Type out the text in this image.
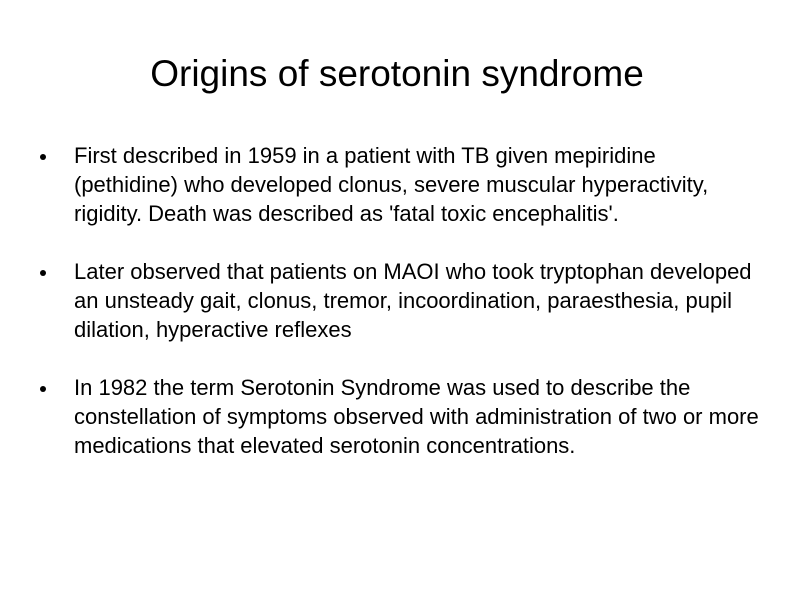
Origins of serotonin syndrome
First described in 1959 in a patient with TB given mepiridine (pethidine) who developed clonus, severe muscular hyperactivity, rigidity. Death was described as 'fatal toxic encephalitis'.
Later observed that patients on MAOI who took tryptophan developed an unsteady gait, clonus, tremor, incoordination, paraesthesia, pupil dilation, hyperactive reflexes
In 1982 the term Serotonin Syndrome was used to describe the constellation of symptoms observed with administration of two or more medications that elevated serotonin concentrations.
